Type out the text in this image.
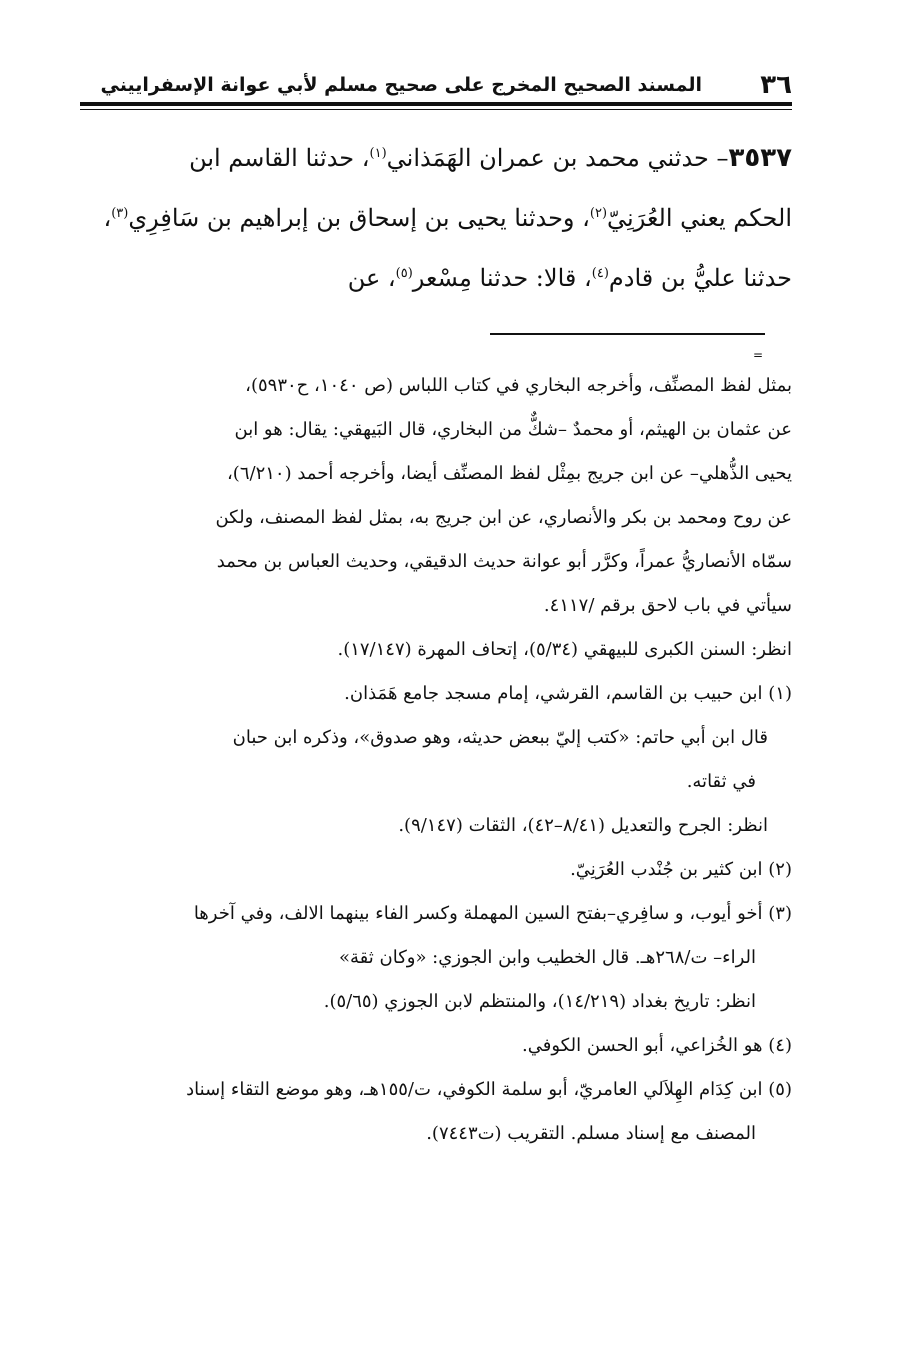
٣٦
المسند الصحيح المخرج على صحيح مسلم لأبي عوانة الإسفراييني
٣٥٣٧– حدثني محمد بن عمران الهَمَذاني$^{(١)}$، حدثنا القاسم ابن
الحكم يعني العُرَنِيّ$^{(٢)}$، وحدثنا يحيى بن إسحاق بن إبراهيم بن سَافِرِي$^{(٣)}$،
حدثنا عليُّ بن قادم$^{(٤)}$، قالا: حدثنا مِسْعر$^{(٥)}$، عن
=
بمثل لفظ المصنِّف، وأخرجه البخاري في كتاب اللباس (ص ١٠٤٠، ح٥٩٣٠)،
عن عثمان بن الهيثم، أو محمدٌ –شكٌّ من البخاري، قال البَيهقي: يقال: هو ابن
يحيى الذُّهلي– عن ابن جريج بمِثْل لفظ المصنِّف أيضا، وأخرجه أحمد (٦/٢١٠)،
عن روح ومحمد بن بكر والأنصاري، عن ابن جريج به، بمثل لفظ المصنف، ولكن
سمّاه الأنصاريُّ عمراً، وكرَّر أبو عوانة حديث الدقيقي، وحديث العباس بن محمد
سيأتي في باب لاحق برقم /٤١١٧.
انظر: السنن الكبرى للبيهقي (٥/٣٤)، إتحاف المهرة (١٧/١٤٧).
(١) ابن حبيب بن القاسم، القرشي، إمام مسجد جامع هَمَذان.
قال ابن أبي حاتم: «كتب إليّ ببعض حديثه، وهو صدوق»، وذكره ابن حبان
في ثقاته.
انظر: الجرح والتعديل (٨/٤١–٤٢)، الثقات (٩/١٤٧).
(٢) ابن كثير بن جُنْدب العُرَنِيّ.
(٣) أخو أيوب، و سافِري–بفتح السين المهملة وكسر الفاء بينهما الالف، وفي آخرها
الراء– ت/٢٦٨هـ. قال الخطيب وابن الجوزي: «وكان ثقة»
انظر: تاريخ بغداد (١٤/٢١٩)، والمنتظم لابن الجوزي (٥/٦٥).
(٤) هو الخُزاعي، أبو الحسن الكوفي.
(٥) ابن كِدَام الهِلاَلي العامريّ، أبو سلمة الكوفي، ت/١٥٥هـ، وهو موضع التقاء إسناد
المصنف مع إسناد مسلم. التقريب (ت٧٤٤٣).
